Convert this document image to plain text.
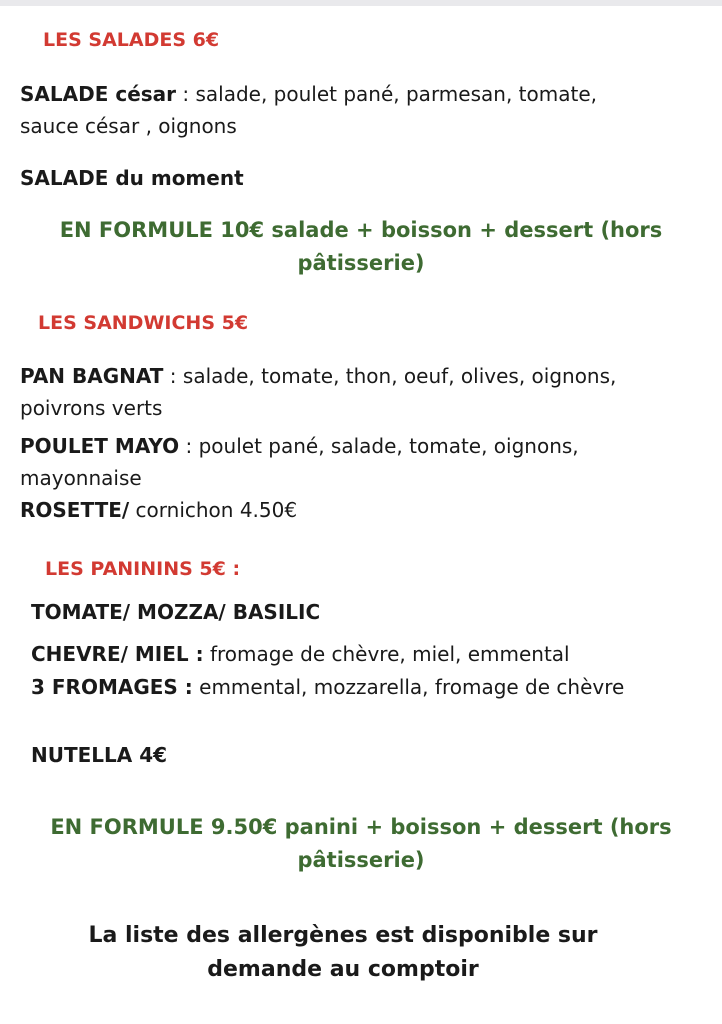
LES SALADES 6€
SALADE césar : salade, poulet pané, parmesan, tomate,
sauce césar , oignons
SALADE du moment
EN FORMULE 10€ salade + boisson + dessert (hors
pâtisserie)
LES SANDWICHS 5€
PAN BAGNAT : salade, tomate, thon, oeuf, olives, oignons,
poivrons verts
POULET MAYO : poulet pané, salade, tomate, oignons,
mayonnaise
ROSETTE/ cornichon 4.50€
LES PANININS 5€ :
TOMATE/ MOZZA/ BASILIC
CHEVRE/ MIEL : fromage de chèvre, miel, emmental
3 FROMAGES : emmental, mozzarella, fromage de chèvre
NUTELLA 4€
EN FORMULE 9.50€ panini + boisson + dessert (hors
pâtisserie)
La liste des allergènes est disponible sur
demande au comptoir
